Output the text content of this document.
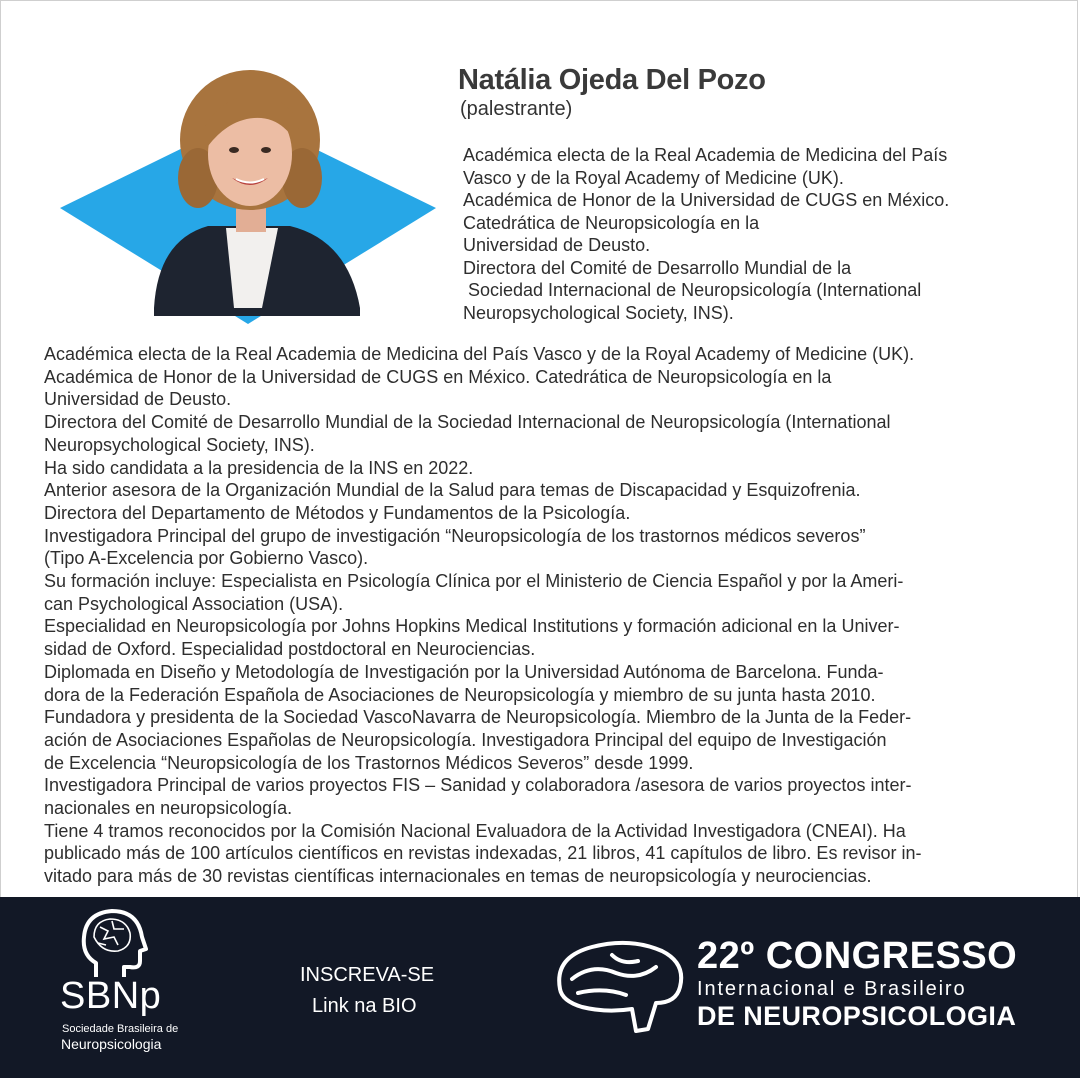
Natália Ojeda Del Pozo
(palestrante)
Académica electa de la Real Academia de Medicina del País
Vasco y de la Royal Academy of Medicine (UK).
Académica de Honor de la Universidad de CUGS en México.
Catedrática de Neuropsicología en la
Universidad de Deusto.
Directora del Comité de Desarrollo Mundial de la
Sociedad Internacional de Neuropsicología (International
Neuropsychological Society, INS).
Académica electa de la Real Academia de Medicina del País Vasco y de la Royal Academy of Medicine (UK).
Académica de Honor de la Universidad de CUGS en México. Catedrática de Neuropsicología en la
Universidad de Deusto.
Directora del Comité de Desarrollo Mundial de la Sociedad Internacional de Neuropsicología (International
Neuropsychological Society, INS).
Ha sido candidata a la presidencia de la INS en 2022.
Anterior asesora de la Organización Mundial de la Salud para temas de Discapacidad y Esquizofrenia.
Directora del Departamento de Métodos y Fundamentos de la Psicología.
Investigadora Principal del grupo de investigación “Neuropsicología de los trastornos médicos severos”
(Tipo A-Excelencia por Gobierno Vasco).
Su formación incluye: Especialista en Psicología Clínica por el Ministerio de Ciencia Español y por la Ameri-
can Psychological Association (USA).
Especialidad en Neuropsicología por Johns Hopkins Medical Institutions y formación adicional en la Univer-
sidad de Oxford. Especialidad postdoctoral en Neurociencias.
Diplomada en Diseño y Metodología de Investigación por la Universidad Autónoma de Barcelona. Funda-
dora de la Federación Española de Asociaciones de Neuropsicología y miembro de su junta hasta 2010.
Fundadora y presidenta de la Sociedad VascoNavarra de Neuropsicología. Miembro de la Junta de la Feder-
ación de Asociaciones Españolas de Neuropsicología. Investigadora Principal del equipo de Investigación
de Excelencia “Neuropsicología de los Trastornos Médicos Severos” desde 1999.
Investigadora Principal de varios proyectos FIS – Sanidad y colaboradora /asesora de varios proyectos inter-
nacionales en neuropsicología.
Tiene 4 tramos reconocidos por la Comisión Nacional Evaluadora de la Actividad Investigadora (CNEAI). Ha
publicado más de 100 artículos científicos en revistas indexadas, 21 libros, 41 capítulos de libro. Es revisor in-
vitado para más de 30 revistas científicas internacionales en temas de neuropsicología y neurociencias.
SBNp
Sociedade Brasileira de
Neuropsicologia
INSCREVA-SE
Link na BIO
22º CONGRESSO
Internacional e Brasileiro
DE NEUROPSICOLOGIA
